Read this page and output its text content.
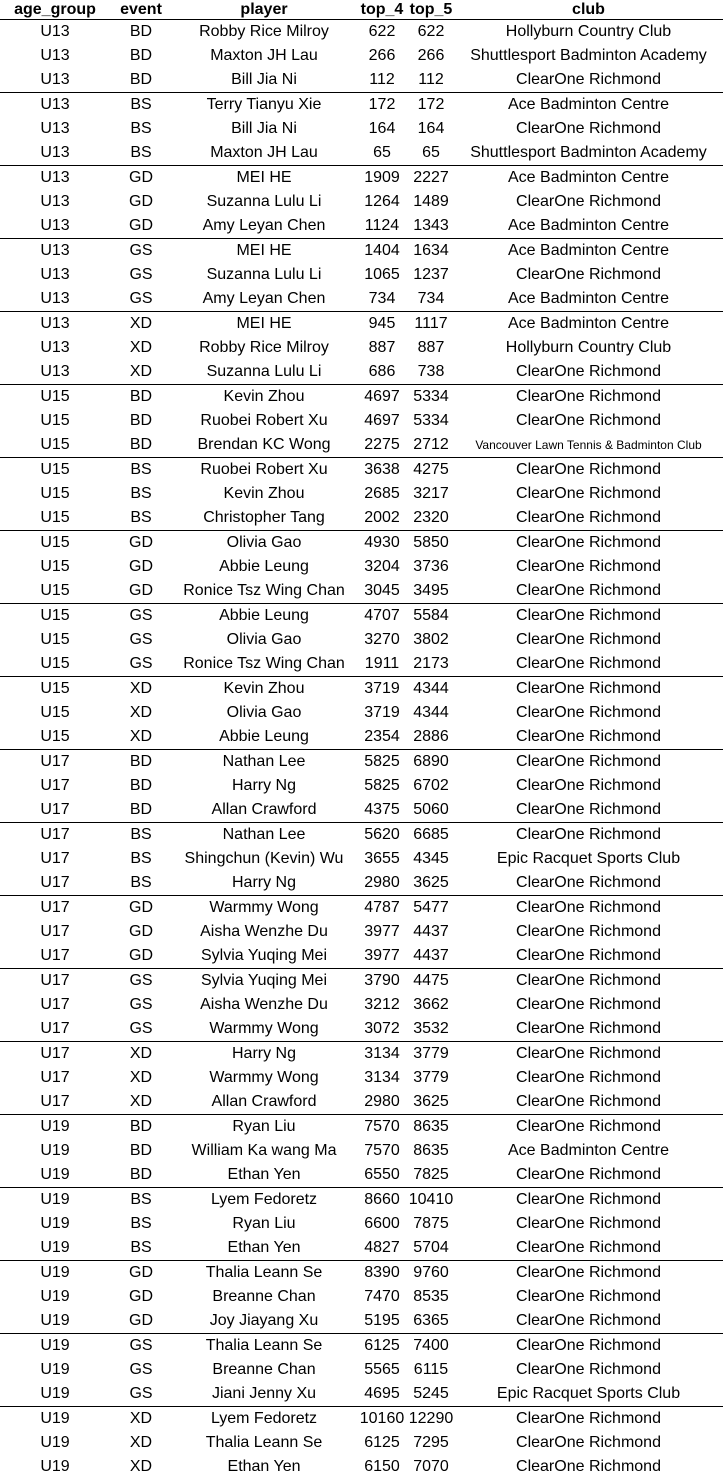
age_group	event	player	top_4	top_5	club
U13	BD	Robby Rice Milroy	622	622	Hollyburn Country Club
U13	BD	Maxton JH Lau	266	266	Shuttlesport Badminton Academy
U13	BD	Bill Jia Ni	112	112	ClearOne Richmond
U13	BS	Terry Tianyu Xie	172	172	Ace Badminton Centre
U13	BS	Bill Jia Ni	164	164	ClearOne Richmond
U13	BS	Maxton JH Lau	65	65	Shuttlesport Badminton Academy
U13	GD	MEI HE	1909	2227	Ace Badminton Centre
U13	GD	Suzanna Lulu Li	1264	1489	ClearOne Richmond
U13	GD	Amy Leyan Chen	1124	1343	Ace Badminton Centre
U13	GS	MEI HE	1404	1634	Ace Badminton Centre
U13	GS	Suzanna Lulu Li	1065	1237	ClearOne Richmond
U13	GS	Amy Leyan Chen	734	734	Ace Badminton Centre
U13	XD	MEI HE	945	1117	Ace Badminton Centre
U13	XD	Robby Rice Milroy	887	887	Hollyburn Country Club
U13	XD	Suzanna Lulu Li	686	738	ClearOne Richmond
U15	BD	Kevin Zhou	4697	5334	ClearOne Richmond
U15	BD	Ruobei Robert Xu	4697	5334	ClearOne Richmond
U15	BD	Brendan KC Wong	2275	2712	Vancouver Lawn Tennis & Badminton Club
U15	BS	Ruobei Robert Xu	3638	4275	ClearOne Richmond
U15	BS	Kevin Zhou	2685	3217	ClearOne Richmond
U15	BS	Christopher Tang	2002	2320	ClearOne Richmond
U15	GD	Olivia Gao	4930	5850	ClearOne Richmond
U15	GD	Abbie Leung	3204	3736	ClearOne Richmond
U15	GD	Ronice Tsz Wing Chan	3045	3495	ClearOne Richmond
U15	GS	Abbie Leung	4707	5584	ClearOne Richmond
U15	GS	Olivia Gao	3270	3802	ClearOne Richmond
U15	GS	Ronice Tsz Wing Chan	1911	2173	ClearOne Richmond
U15	XD	Kevin Zhou	3719	4344	ClearOne Richmond
U15	XD	Olivia Gao	3719	4344	ClearOne Richmond
U15	XD	Abbie Leung	2354	2886	ClearOne Richmond
U17	BD	Nathan Lee	5825	6890	ClearOne Richmond
U17	BD	Harry Ng	5825	6702	ClearOne Richmond
U17	BD	Allan Crawford	4375	5060	ClearOne Richmond
U17	BS	Nathan Lee	5620	6685	ClearOne Richmond
U17	BS	Shingchun (Kevin) Wu	3655	4345	Epic Racquet Sports Club
U17	BS	Harry Ng	2980	3625	ClearOne Richmond
U17	GD	Warmmy Wong	4787	5477	ClearOne Richmond
U17	GD	Aisha Wenzhe Du	3977	4437	ClearOne Richmond
U17	GD	Sylvia Yuqing Mei	3977	4437	ClearOne Richmond
U17	GS	Sylvia Yuqing Mei	3790	4475	ClearOne Richmond
U17	GS	Aisha Wenzhe Du	3212	3662	ClearOne Richmond
U17	GS	Warmmy Wong	3072	3532	ClearOne Richmond
U17	XD	Harry Ng	3134	3779	ClearOne Richmond
U17	XD	Warmmy Wong	3134	3779	ClearOne Richmond
U17	XD	Allan Crawford	2980	3625	ClearOne Richmond
U19	BD	Ryan Liu	7570	8635	ClearOne Richmond
U19	BD	William Ka wang Ma	7570	8635	Ace Badminton Centre
U19	BD	Ethan Yen	6550	7825	ClearOne Richmond
U19	BS	Lyem Fedoretz	8660	10410	ClearOne Richmond
U19	BS	Ryan Liu	6600	7875	ClearOne Richmond
U19	BS	Ethan Yen	4827	5704	ClearOne Richmond
U19	GD	Thalia Leann Se	8390	9760	ClearOne Richmond
U19	GD	Breanne Chan	7470	8535	ClearOne Richmond
U19	GD	Joy Jiayang Xu	5195	6365	ClearOne Richmond
U19	GS	Thalia Leann Se	6125	7400	ClearOne Richmond
U19	GS	Breanne Chan	5565	6115	ClearOne Richmond
U19	GS	Jiani Jenny Xu	4695	5245	Epic Racquet Sports Club
U19	XD	Lyem Fedoretz	10160	12290	ClearOne Richmond
U19	XD	Thalia Leann Se	6125	7295	ClearOne Richmond
U19	XD	Ethan Yen	6150	7070	ClearOne Richmond
